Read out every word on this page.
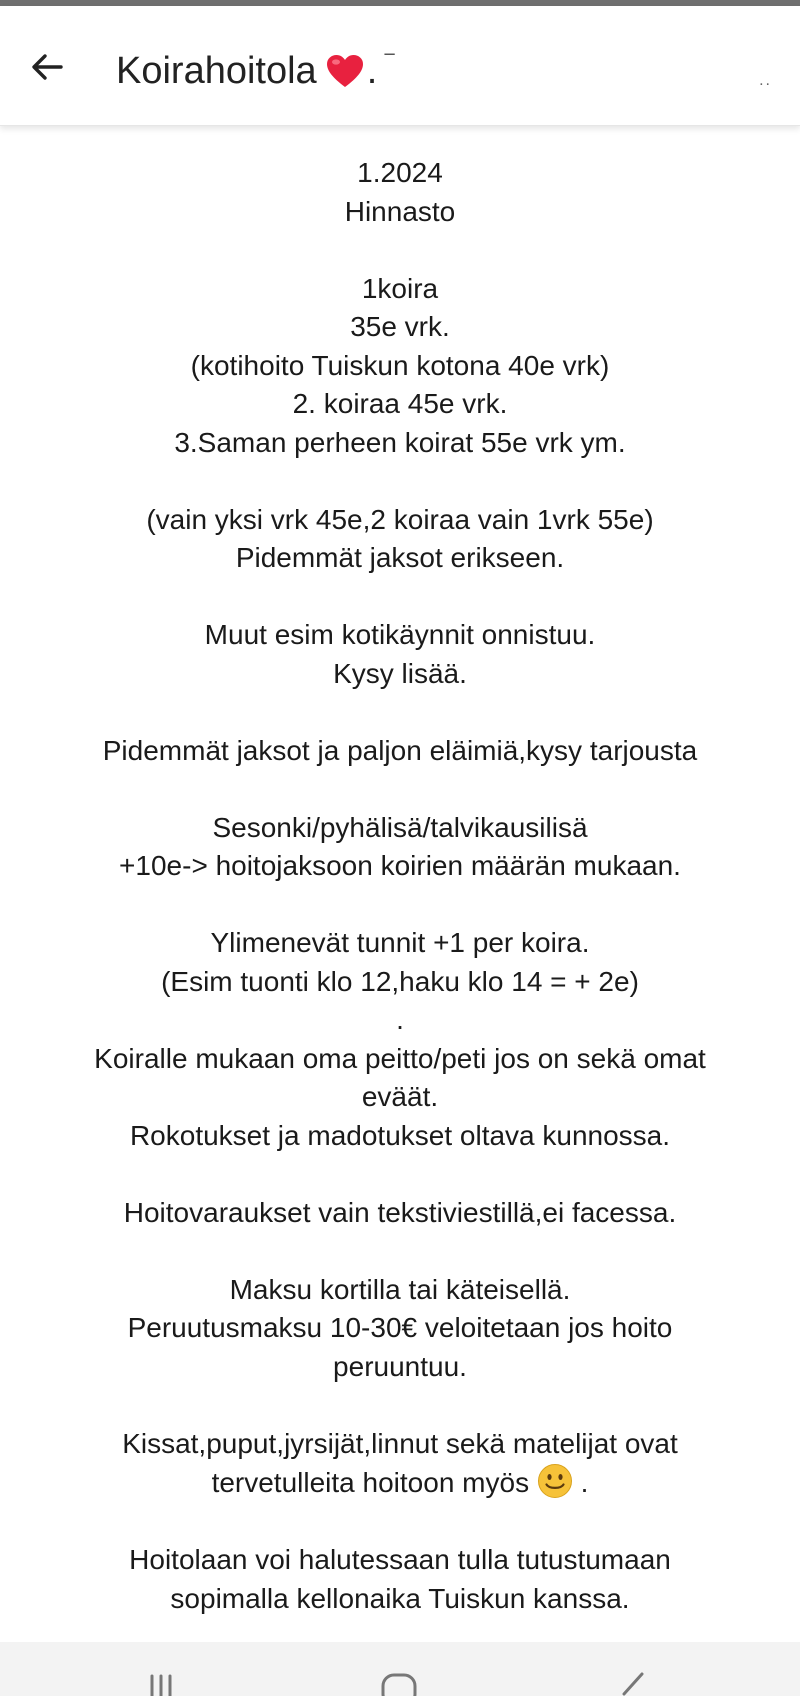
Koirahoitola . ‾
..

1.2024
Hinnasto

1koira
35e vrk.
(kotihoito Tuiskun kotona 40e vrk)
2. koiraa 45e vrk.
3.Saman perheen koirat 55e vrk ym.

(vain yksi vrk 45e,2 koiraa vain 1vrk 55e)
Pidemmät jaksot erikseen.

Muut esim kotikäynnit onnistuu.
Kysy lisää.

Pidemmät jaksot ja paljon eläimiä,kysy tarjousta

Sesonki/pyhälisä/talvikausilisä
+10e-> hoitojaksoon koirien määrän mukaan.

Ylimenevät tunnit +1 per koira.
(Esim tuonti klo 12,haku klo 14 = + 2e)
.

Koiralle mukaan oma peitto/peti jos on sekä omat
eväät.
Rokotukset ja madotukset oltava kunnossa.

Hoitovaraukset vain tekstiviestillä,ei facessa.

Maksu kortilla tai käteisellä.
Peruutusmaksu 10-30€ veloitetaan jos hoito
peruuntuu.

Kissat,puput,jyrsijät,linnut sekä matelijat ovat
tervetulleita hoitoon myös  .

Hoitolaan voi halutessaan tulla tutustumaan
sopimalla kellonaika Tuiskun kanssa.
